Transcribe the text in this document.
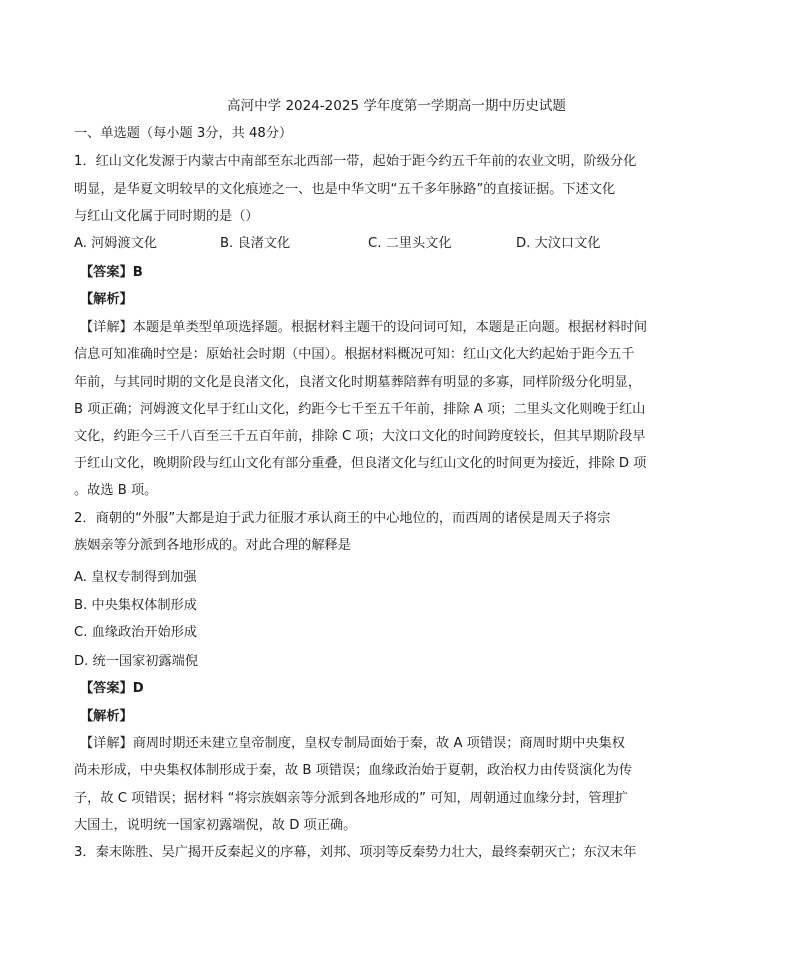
高河中学 2024-2025 学年度第一学期高一期中历史试题
一、单选题（每小题 3分，共 48分）
1．红山文化发源于内蒙古中南部至东北西部一带，起始于距今约五千年前的农业文明，阶级分化
明显，是华夏文明较早的文化痕迹之一、也是中华文明“五千多年脉路”的直接证据。下述文化
与红山文化属于同时期的是（）
A. 河姆渡文化	B. 良渚文化	C. 二里头文化	D. 大汶口文化
【答案】B
【解析】
【详解】本题是单类型单项选择题。根据材料主题干的设问词可知，本题是正向题。根据材料时间
信息可知准确时空是：原始社会时期（中国）。根据材料概况可知：红山文化大约起始于距今五千
年前，与其同时期的文化是良渚文化，良渚文化时期墓葬陪葬有明显的多寡，同样阶级分化明显，
B 项正确；河姆渡文化早于红山文化，约距今七千至五千年前，排除 A 项；二里头文化则晚于红山
文化，约距今三千八百至三千五百年前，排除 C 项；大汶口文化的时间跨度较长，但其早期阶段早
于红山文化，晚期阶段与红山文化有部分重叠，但良渚文化与红山文化的时间更为接近，排除 D 项
。故选 B 项。
2．商朝的“外服”大都是迫于武力征服才承认商王的中心地位的，而西周的诸侯是周天子将宗
族姻亲等分派到各地形成的。对此合理的解释是
A. 皇权专制得到加强
B. 中央集权体制形成
C. 血缘政治开始形成
D. 统一国家初露端倪
【答案】D
【解析】
【详解】商周时期还未建立皇帝制度，皇权专制局面始于秦，故 A 项错误；商周时期中央集权
尚未形成，中央集权体制形成于秦，故 B 项错误；血缘政治始于夏朝，政治权力由传贤演化为传
子，故 C 项错误；据材料 “将宗族姻亲等分派到各地形成的” 可知，周朝通过血缘分封，管理扩
大国土，说明统一国家初露端倪，故 D 项正确。
3．秦末陈胜、吴广揭开反秦起义的序幕，刘邦、项羽等反秦势力壮大，最终秦朝灭亡；东汉末年
